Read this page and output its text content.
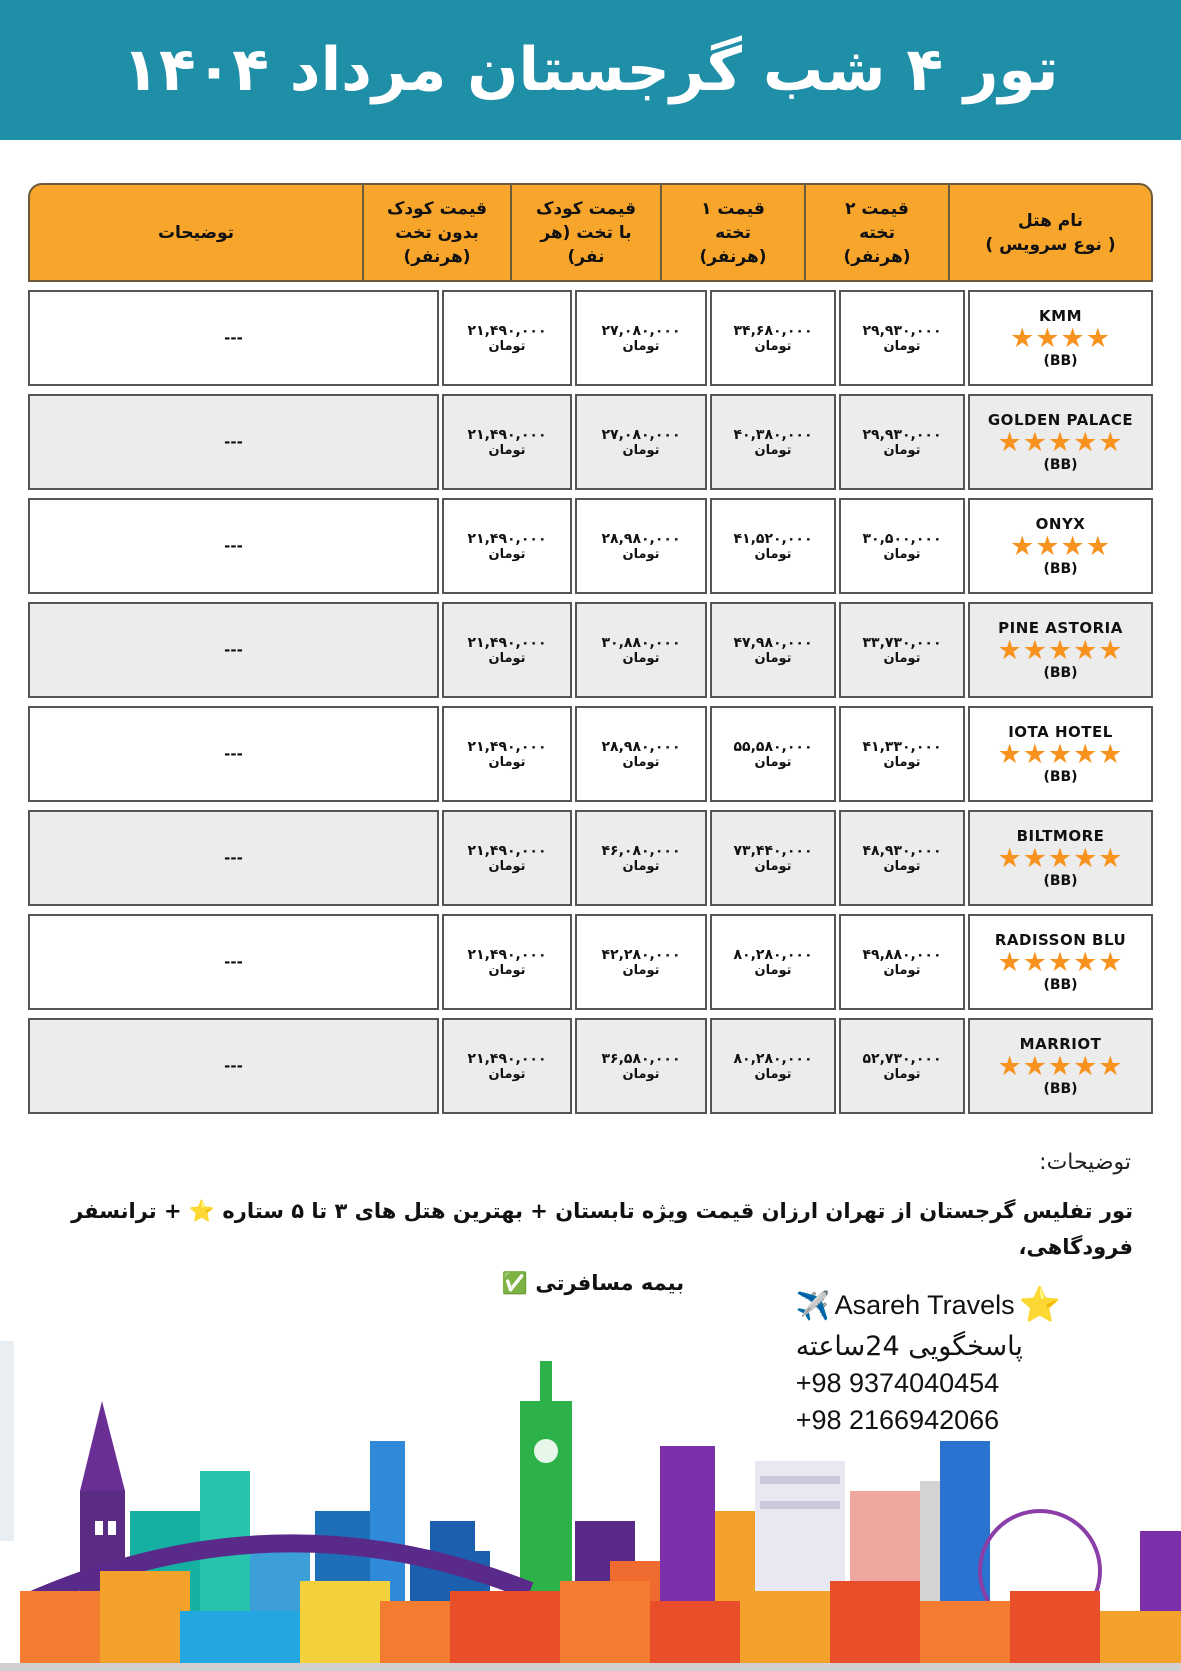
تور ۴ شب گرجستان مرداد ۱۴۰۴
نام هتل
( نوع سرویس )
قیمت ۲
تخته
(هرنفر)
قیمت ۱
تخته
(هرنفر)
قیمت کودک
با تخت (هر
نفر)
قیمت کودک
بدون تخت
(هرنفر)
توضیحات
KMM
★★★★
(BB)
۲۹,۹۳۰,۰۰۰
تومان
۳۴,۶۸۰,۰۰۰
تومان
۲۷,۰۸۰,۰۰۰
تومان
۲۱,۴۹۰,۰۰۰
تومان
---
GOLDEN PALACE
★★★★★
(BB)
۲۹,۹۳۰,۰۰۰
تومان
۴۰,۳۸۰,۰۰۰
تومان
۲۷,۰۸۰,۰۰۰
تومان
۲۱,۴۹۰,۰۰۰
تومان
---
ONYX
★★★★
(BB)
۳۰,۵۰۰,۰۰۰
تومان
۴۱,۵۲۰,۰۰۰
تومان
۲۸,۹۸۰,۰۰۰
تومان
۲۱,۴۹۰,۰۰۰
تومان
---
PINE ASTORIA
★★★★★
(BB)
۳۳,۷۳۰,۰۰۰
تومان
۴۷,۹۸۰,۰۰۰
تومان
۳۰,۸۸۰,۰۰۰
تومان
۲۱,۴۹۰,۰۰۰
تومان
---
IOTA HOTEL
★★★★★
(BB)
۴۱,۳۳۰,۰۰۰
تومان
۵۵,۵۸۰,۰۰۰
تومان
۲۸,۹۸۰,۰۰۰
تومان
۲۱,۴۹۰,۰۰۰
تومان
---
BILTMORE
★★★★★
(BB)
۴۸,۹۳۰,۰۰۰
تومان
۷۳,۴۴۰,۰۰۰
تومان
۴۶,۰۸۰,۰۰۰
تومان
۲۱,۴۹۰,۰۰۰
تومان
---
RADISSON BLU
★★★★★
(BB)
۴۹,۸۸۰,۰۰۰
تومان
۸۰,۲۸۰,۰۰۰
تومان
۴۲,۲۸۰,۰۰۰
تومان
۲۱,۴۹۰,۰۰۰
تومان
---
MARRIOT
★★★★★
(BB)
۵۲,۷۳۰,۰۰۰
تومان
۸۰,۲۸۰,۰۰۰
تومان
۳۶,۵۸۰,۰۰۰
تومان
۲۱,۴۹۰,۰۰۰
تومان
---
توضیحات:
تور تفلیس گرجستان از تهران ارزان قیمت ویژه تابستان + بهترین هتل های ۳ تا ۵ ستاره ⭐ + ترانسفر فرودگاهی،
بیمه مسافرتی ✅
✈️ Asareh Travels ⭐
پاسخگویی 24ساعته
+98 9374040454
+98 2166942066
